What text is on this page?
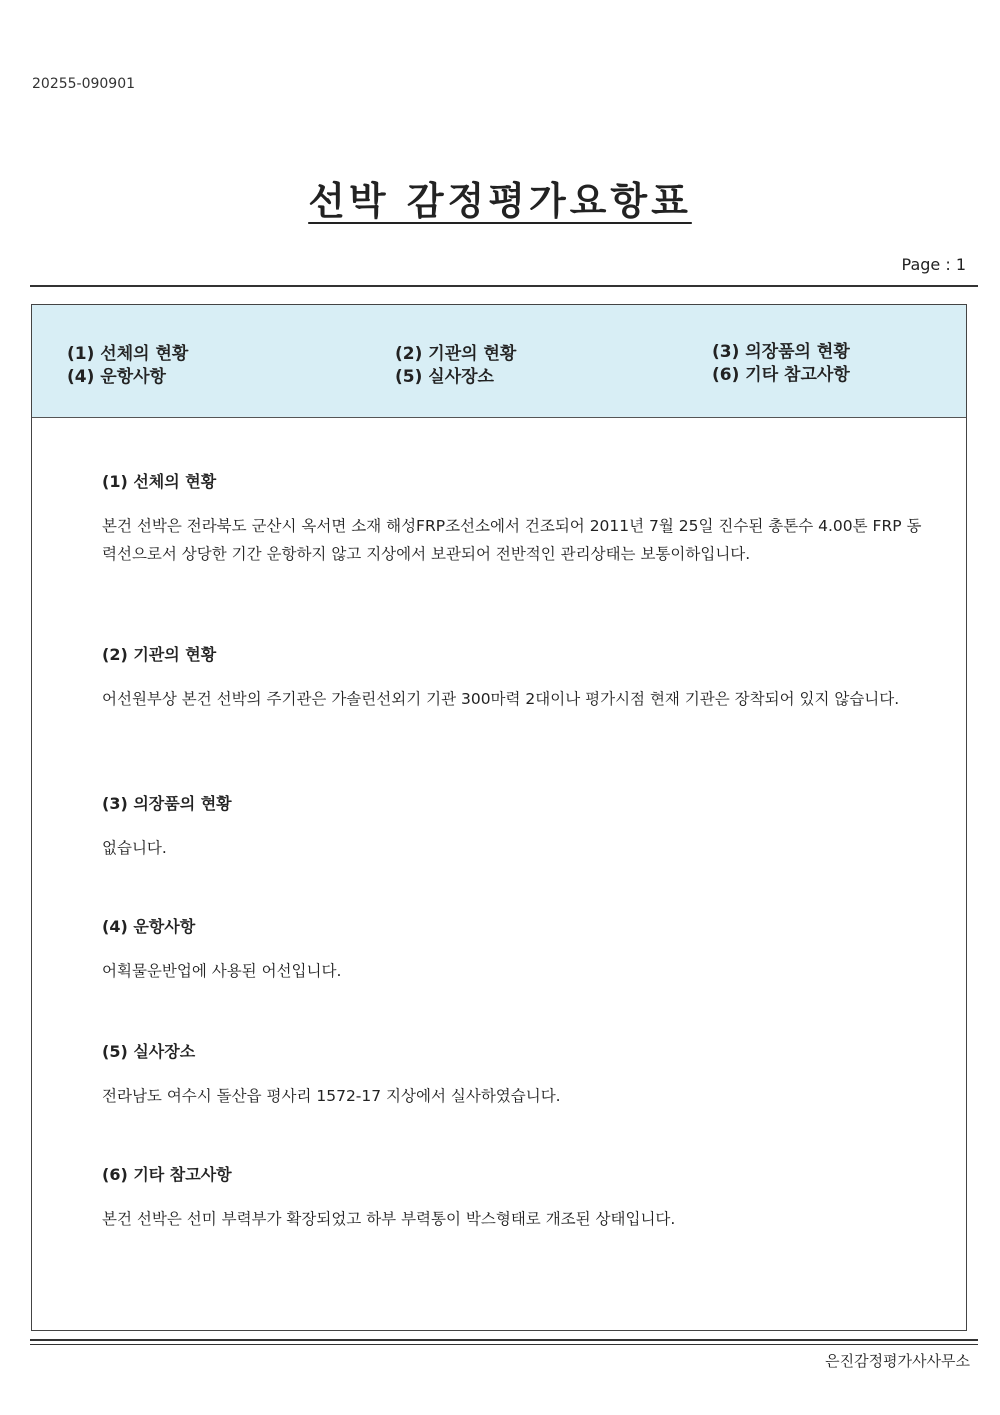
20255-090901
선박 감정평가요항표
Page : 1
(1) 선체의 현황	(2) 기관의 현황	(3) 의장품의 현황
(4) 운항사항	(5) 실사장소	(6) 기타 참고사항
(1) 선체의 현황
본건 선박은 전라북도 군산시 옥서면 소재 해성FRP조선소에서 건조되어 2011년 7월 25일 진수된 총톤수 4.00톤 FRP 동력선으로서 상당한 기간 운항하지 않고 지상에서 보관되어 전반적인 관리상태는 보통이하입니다.
(2) 기관의 현황
어선원부상 본건 선박의 주기관은 가솔린선외기 기관 300마력 2대이나 평가시점 현재 기관은 장착되어 있지 않습니다.
(3) 의장품의 현황
없습니다.
(4) 운항사항
어획물운반업에 사용된 어선입니다.
(5) 실사장소
전라남도 여수시 돌산읍 평사리 1572-17 지상에서 실사하였습니다.
(6) 기타 참고사항
본건 선박은 선미 부력부가 확장되었고 하부 부력통이 박스형태로 개조된 상태입니다.
은진감정평가사사무소
